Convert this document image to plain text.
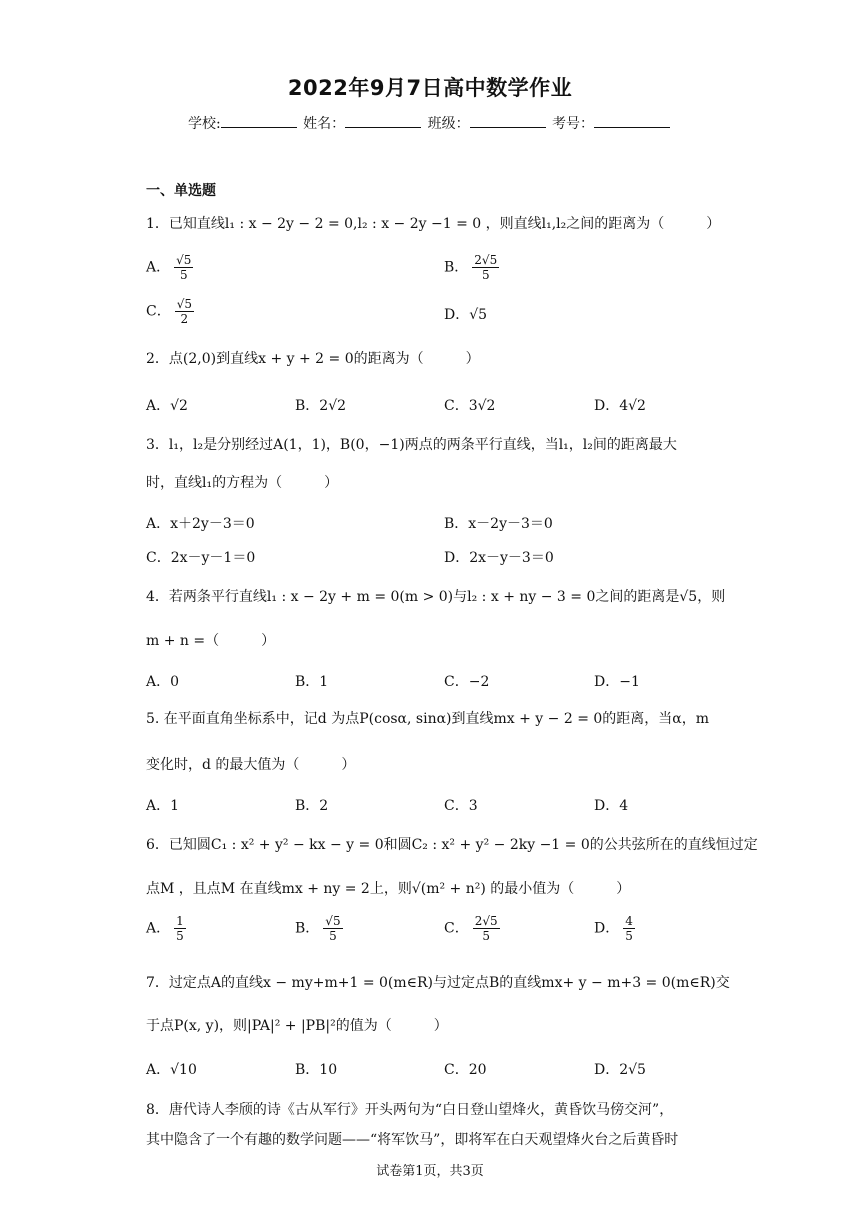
2022年9月7日高中数学作业
学校:	姓名：	班级：	考号：
一、单选题
1．已知直线l₁ : x − 2y − 2 = 0,l₂ : x − 2y −1 = 0 ，则直线l₁,l₂之间的距离为（　　　）
A． $\frac{√5}{5}$	B． $\frac{2√5}{5}$
C． $\frac{√5}{2}$	D．√5
2．点(2,0)到直线x + y + 2 = 0的距离为（　　　）
A．√2	B．2√2	C．3√2	D．4√2
3．l₁，l₂是分别经过A(1，1)，B(0，−1)两点的两条平行直线，当l₁，l₂间的距离最大
时，直线l₁的方程为（　　　）
A．x＋2y－3＝0	B．x－2y－3＝0
C．2x－y－1＝0	D．2x－y－3＝0
4．若两条平行直线l₁ : x − 2y + m = 0(m > 0)与l₂ : x + ny − 3 = 0之间的距离是√5，则
m + n =（　　　）
A．0	B．1	C．−2	D．−1
5. 在平面直角坐标系中，记d 为点P(cosα, sinα)到直线mx + y − 2 = 0的距离，当α，m
变化时，d 的最大值为（　　　）
A．1	B．2	C．3	D．4
6．已知圆C₁ : x² + y² − kx − y = 0和圆C₂ : x² + y² − 2ky −1 = 0的公共弦所在的直线恒过定
点M ，且点M 在直线mx + ny = 2上，则√(m² + n²) 的最小值为（　　　）
A． $\frac{1}{5}$	B． $\frac{√5}{5}$	C． $\frac{2√5}{5}$	D． $\frac{4}{5}$
7．过定点A的直线x − my+m+1 = 0(m∈R)与过定点B的直线mx+ y − m+3 = 0(m∈R)交
于点P(x, y)，则|PA|² + |PB|²的值为（　　　）
A．√10	B．10	C．20	D．2√5
8．唐代诗人李颀的诗《古从军行》开头两句为“白日登山望烽火，黄昏饮马傍交河”，
其中隐含了一个有趣的数学问题——“将军饮马”，即将军在白天观望烽火台之后黄昏时
试卷第1页，共3页
